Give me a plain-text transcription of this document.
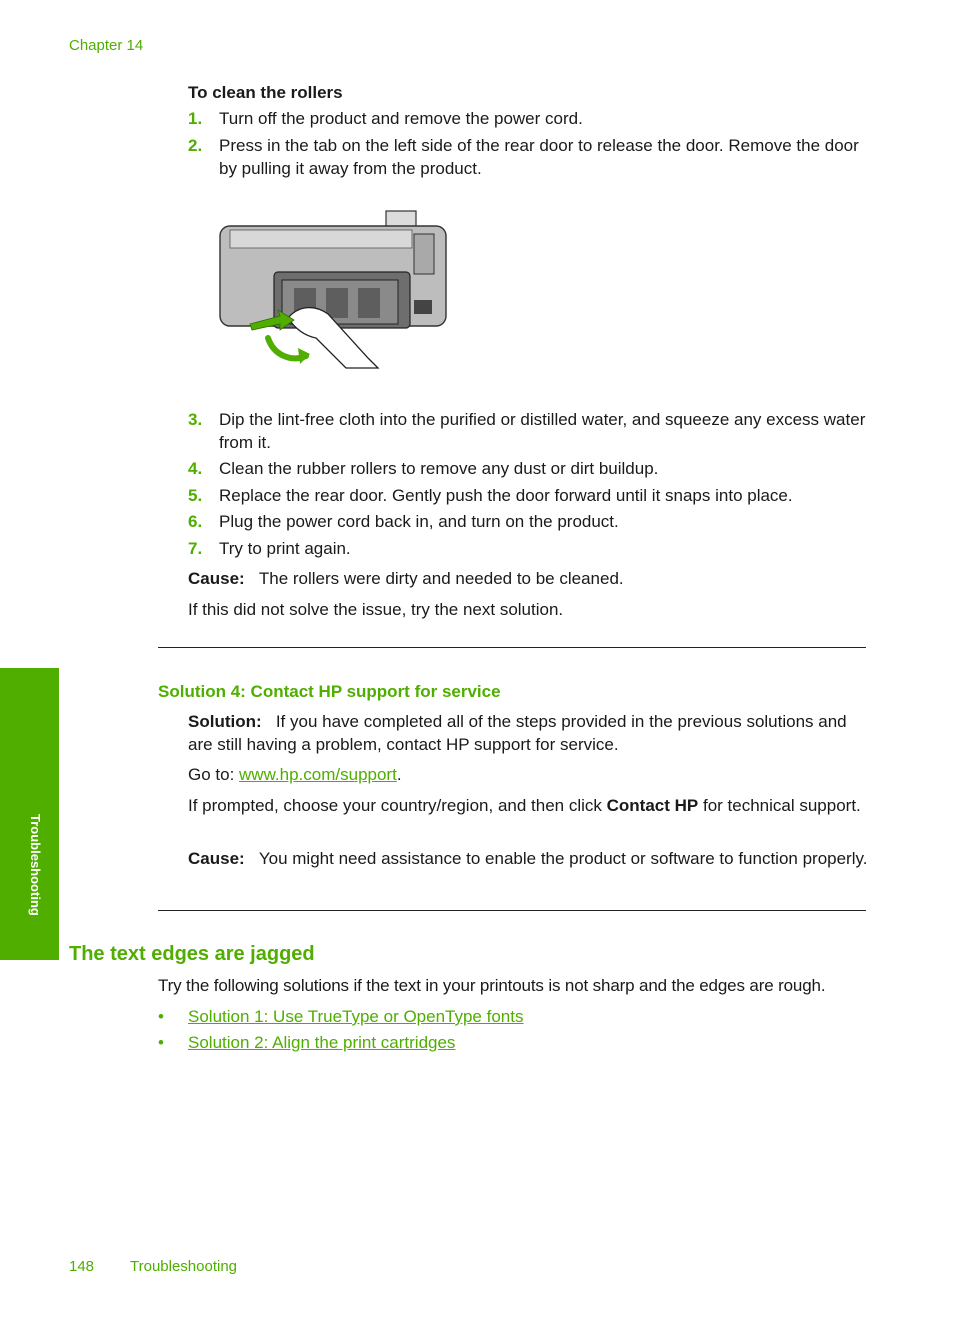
Chapter 14
To clean the rollers
1. Turn off the product and remove the power cord.
2. Press in the tab on the left side of the rear door to release the door. Remove the door by pulling it away from the product.
3. Dip the lint-free cloth into the purified or distilled water, and squeeze any excess water from it.
4. Clean the rubber rollers to remove any dust or dirt buildup.
5. Replace the rear door. Gently push the door forward until it snaps into place.
6. Plug the power cord back in, and turn on the product.
7. Try to print again.
Cause: The rollers were dirty and needed to be cleaned.
If this did not solve the issue, try the next solution.
Solution 4: Contact HP support for service
Solution: If you have completed all of the steps provided in the previous solutions and are still having a problem, contact HP support for service.
Go to: www.hp.com/support.
If prompted, choose your country/region, and then click Contact HP for technical support.
Cause: You might need assistance to enable the product or software to function properly.
The text edges are jagged
Try the following solutions if the text in your printouts is not sharp and the edges are rough.
• Solution 1: Use TrueType or OpenType fonts
• Solution 2: Align the print cartridges
Troubleshooting
148 Troubleshooting
